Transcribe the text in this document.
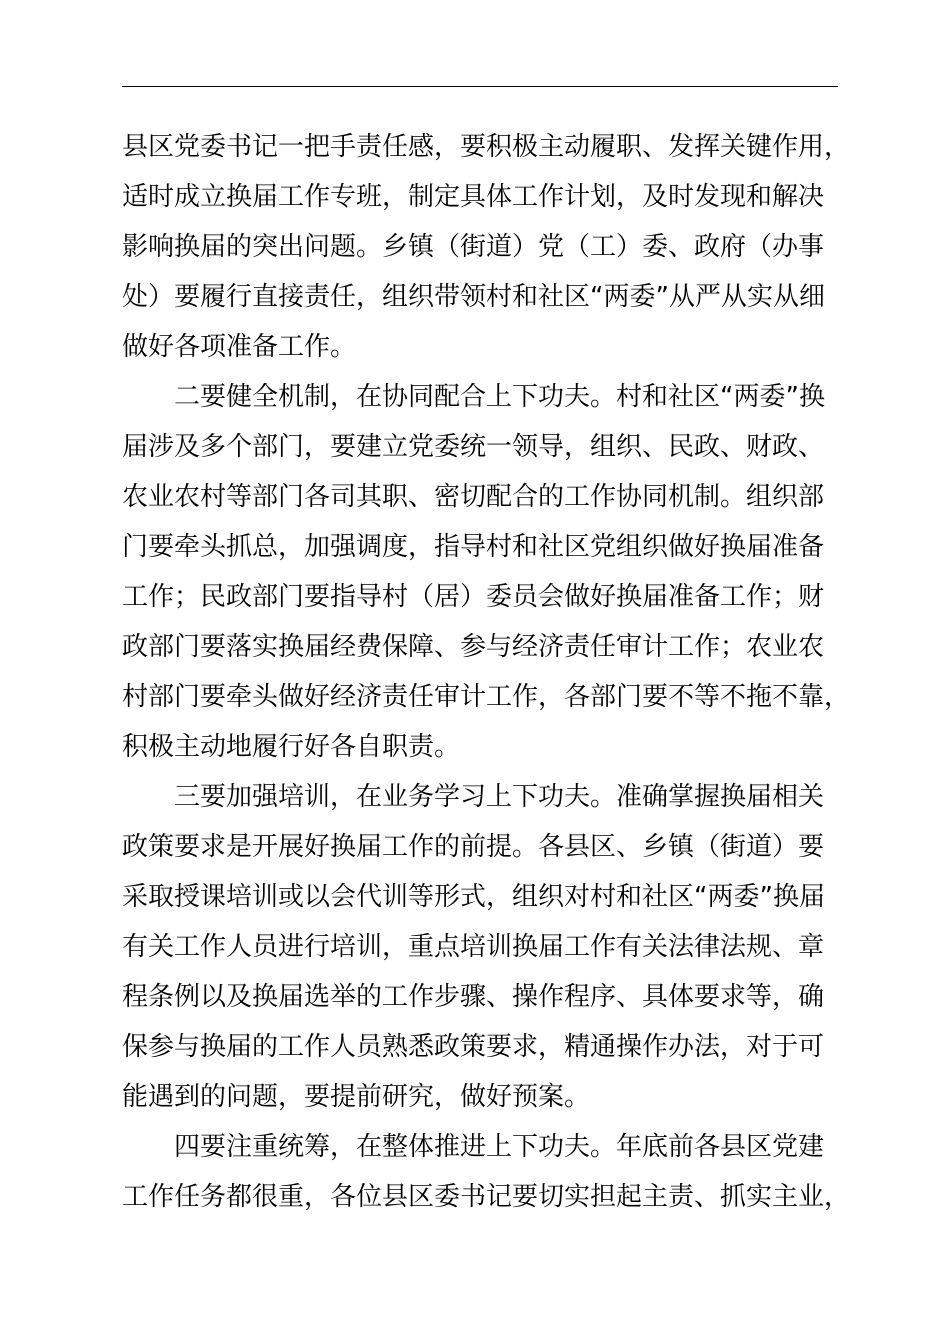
县区党委书记一把手责任感，要积极主动履职、发挥关键作用，
适时成立换届工作专班，制定具体工作计划，及时发现和解决
影响换届的突出问题。乡镇（街道）党（工）委、政府（办事
处）要履行直接责任，组织带领村和社区“两委”从严从实从细
做好各项准备工作。
二要健全机制，在协同配合上下功夫。村和社区“两委”换
届涉及多个部门，要建立党委统一领导，组织、民政、财政、
农业农村等部门各司其职、密切配合的工作协同机制。组织部
门要牵头抓总，加强调度，指导村和社区党组织做好换届准备
工作；民政部门要指导村（居）委员会做好换届准备工作；财
政部门要落实换届经费保障、参与经济责任审计工作；农业农
村部门要牵头做好经济责任审计工作，各部门要不等不拖不靠，
积极主动地履行好各自职责。
三要加强培训，在业务学习上下功夫。准确掌握换届相关
政策要求是开展好换届工作的前提。各县区、乡镇（街道）要
采取授课培训或以会代训等形式，组织对村和社区“两委”换届
有关工作人员进行培训，重点培训换届工作有关法律法规、章
程条例以及换届选举的工作步骤、操作程序、具体要求等，确
保参与换届的工作人员熟悉政策要求，精通操作办法，对于可
能遇到的问题，要提前研究，做好预案。
四要注重统筹，在整体推进上下功夫。年底前各县区党建
工作任务都很重，各位县区委书记要切实担起主责、抓实主业，
